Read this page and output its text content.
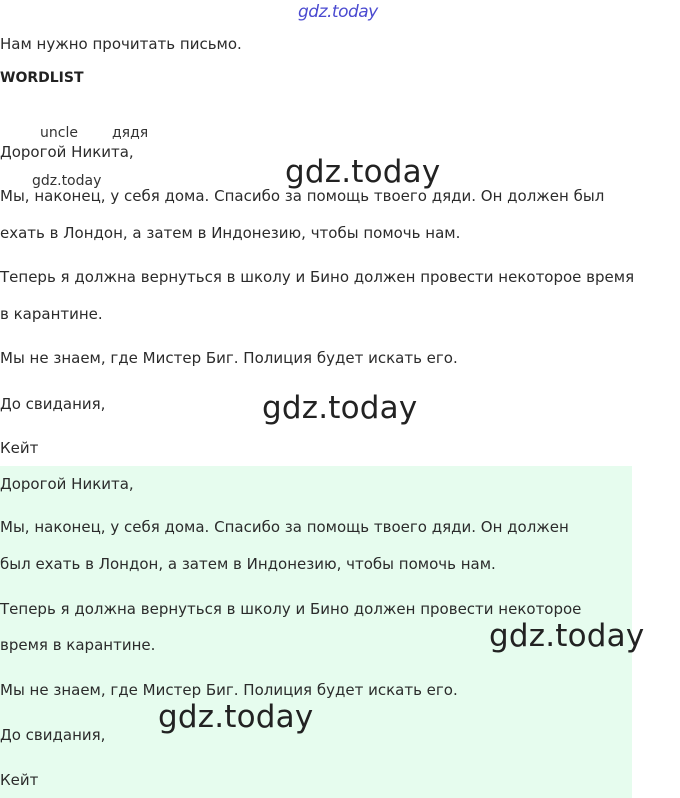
gdz.today
Нам нужно прочитать письмо.
WORDLIST
uncle дядя
Дорогой Никита,
Мы, наконец, у себя дома. Спасибо за помощь твоего дяди. Он должен был
ехать в Лондон, а затем в Индонезию, чтобы помочь нам.
Теперь я должна вернуться в школу и Бино должен провести некоторое время
в карантине.
Мы не знаем, где Мистер Биг. Полиция будет искать его.
До свидания,
Кейт
Дорогой Никита,
Мы, наконец, у себя дома. Спасибо за помощь твоего дяди. Он должен
был ехать в Лондон, а затем в Индонезию, чтобы помочь нам.
Теперь я должна вернуться в школу и Бино должен провести некоторое
время в карантине.
Мы не знаем, где Мистер Биг. Полиция будет искать его.
До свидания,
Кейт
gdz.today	gdz.today
gdz.today
gdz.today
gdz.today
